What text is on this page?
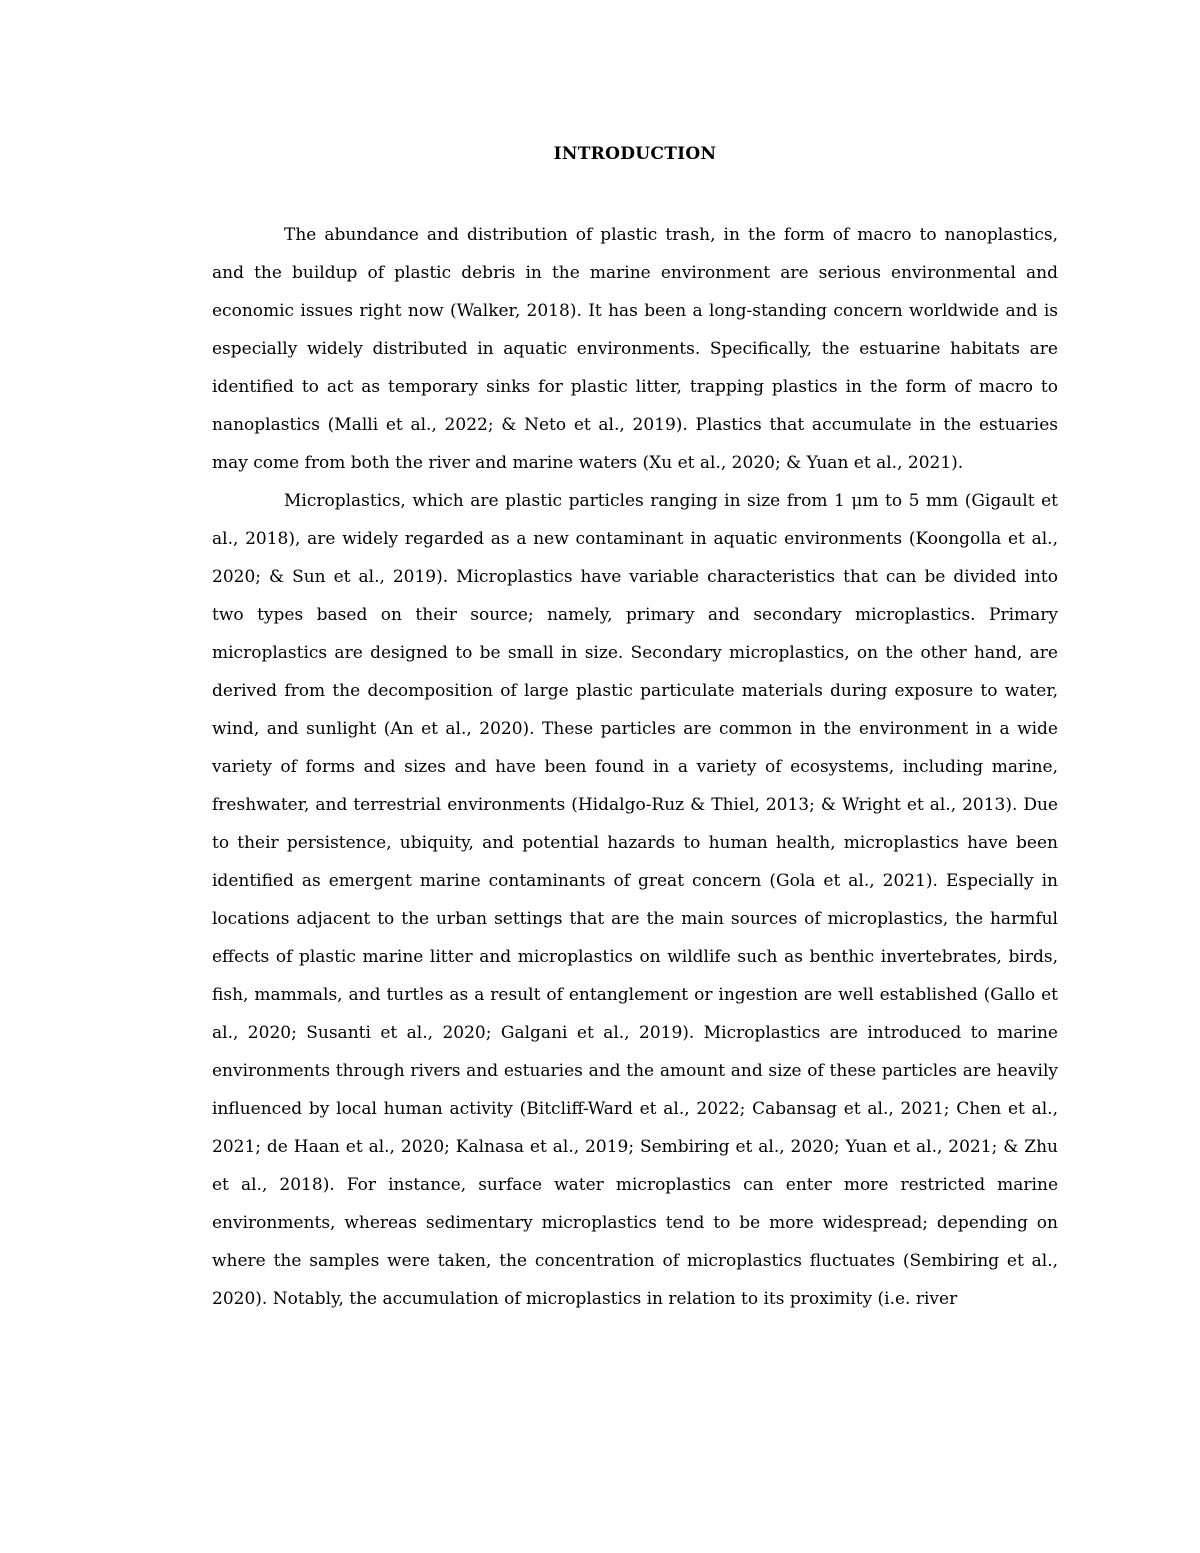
INTRODUCTION

The abundance and distribution of plastic trash, in the form of macro to nanoplastics, and the buildup of plastic debris in the marine environment are serious environmental and economic issues right now (Walker, 2018). It has been a long-standing concern worldwide and is especially widely distributed in aquatic environments. Specifically, the estuarine habitats are identified to act as temporary sinks for plastic litter, trapping plastics in the form of macro to nanoplastics (Malli et al., 2022; & Neto et al., 2019). Plastics that accumulate in the estuaries may come from both the river and marine waters (Xu et al., 2020; & Yuan et al., 2021).

Microplastics, which are plastic particles ranging in size from 1 μm to 5 mm (Gigault et al., 2018), are widely regarded as a new contaminant in aquatic environments (Koongolla et al., 2020; & Sun et al., 2019). Microplastics have variable characteristics that can be divided into two types based on their source; namely, primary and secondary microplastics. Primary microplastics are designed to be small in size. Secondary microplastics, on the other hand, are derived from the decomposition of large plastic particulate materials during exposure to water, wind, and sunlight (An et al., 2020). These particles are common in the environment in a wide variety of forms and sizes and have been found in a variety of ecosystems, including marine, freshwater, and terrestrial environments (Hidalgo-Ruz & Thiel, 2013; & Wright et al., 2013). Due to their persistence, ubiquity, and potential hazards to human health, microplastics have been identified as emergent marine contaminants of great concern (Gola et al., 2021). Especially in locations adjacent to the urban settings that are the main sources of microplastics, the harmful effects of plastic marine litter and microplastics on wildlife such as benthic invertebrates, birds, fish, mammals, and turtles as a result of entanglement or ingestion are well established (Gallo et al., 2020; Susanti et al., 2020; Galgani et al., 2019). Microplastics are introduced to marine environments through rivers and estuaries and the amount and size of these particles are heavily influenced by local human activity (Bitcliff-Ward et al., 2022; Cabansag et al., 2021; Chen et al., 2021; de Haan et al., 2020; Kalnasa et al., 2019; Sembiring et al., 2020; Yuan et al., 2021; & Zhu et al., 2018). For instance, surface water microplastics can enter more restricted marine environments, whereas sedimentary microplastics tend to be more widespread; depending on where the samples were taken, the concentration of microplastics fluctuates (Sembiring et al., 2020). Notably, the accumulation of microplastics in relation to its proximity (i.e. river
